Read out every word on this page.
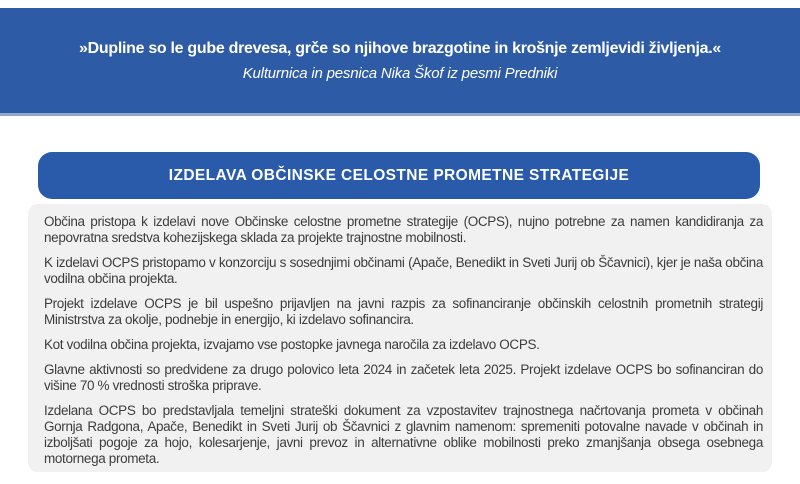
»Dupline so le gube drevesa, grče so njihove brazgotine in krošnje zemljevidi življenja.«
Kulturnica in pesnica Nika Škof iz pesmi Predniki
IZDELAVA OBČINSKE CELOSTNE PROMETNE STRATEGIJE

Občina pristopa k izdelavi nove Občinske celostne prometne strategije (OCPS), nujno potrebne za namen kandidiranja za nepovratna sredstva kohezijskega sklada za projekte trajnostne mobilnosti.

K izdelavi OCPS pristopamo v konzorciju s sosednjimi občinami (Apače, Benedikt in Sveti Jurij ob Ščavnici), kjer je naša občina vodilna občina projekta.

Projekt izdelave OCPS je bil uspešno prijavljen na javni razpis za sofinanciranje občinskih celostnih prometnih strategij Ministrstva za okolje, podnebje in energijo, ki izdelavo sofinancira.

Kot vodilna občina projekta, izvajamo vse postopke javnega naročila za izdelavo OCPS.

Glavne aktivnosti so predvidene za drugo polovico leta 2024 in začetek leta 2025. Projekt izdelave OCPS bo sofinanciran do višine 70 % vrednosti stroška priprave.

Izdelana OCPS bo predstavljala temeljni strateški dokument za vzpostavitev trajnostnega načrtovanja prometa v občinah Gornja Radgona, Apače, Benedikt in Sveti Jurij ob Ščavnici z glavnim namenom: spremeniti potovalne navade v občinah in izboljšati pogoje za hojo, kolesarjenje, javni prevoz in alternativne oblike mobilnosti preko zmanjšanja obsega osebnega motornega prometa.
